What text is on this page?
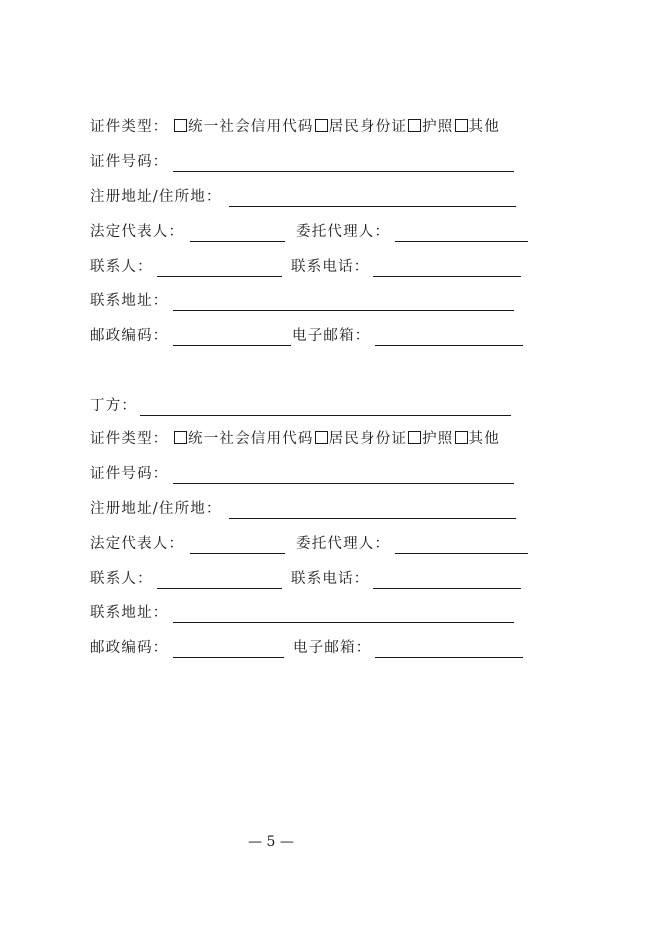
证件类型：	统一社会信用代码 居民身份证 护照 其他
证件号码：
注册地址/住所地：
法定代表人：	委托代理人：
联系人：	联系电话：
联系地址：
邮政编码：	电子邮箱：
丁方：
证件类型：	统一社会信用代码 居民身份证 护照 其他
证件号码：
注册地址/住所地：
法定代表人：	委托代理人：
联系人：	联系电话：
联系地址：
邮政编码：	电子邮箱：
— 5 —
